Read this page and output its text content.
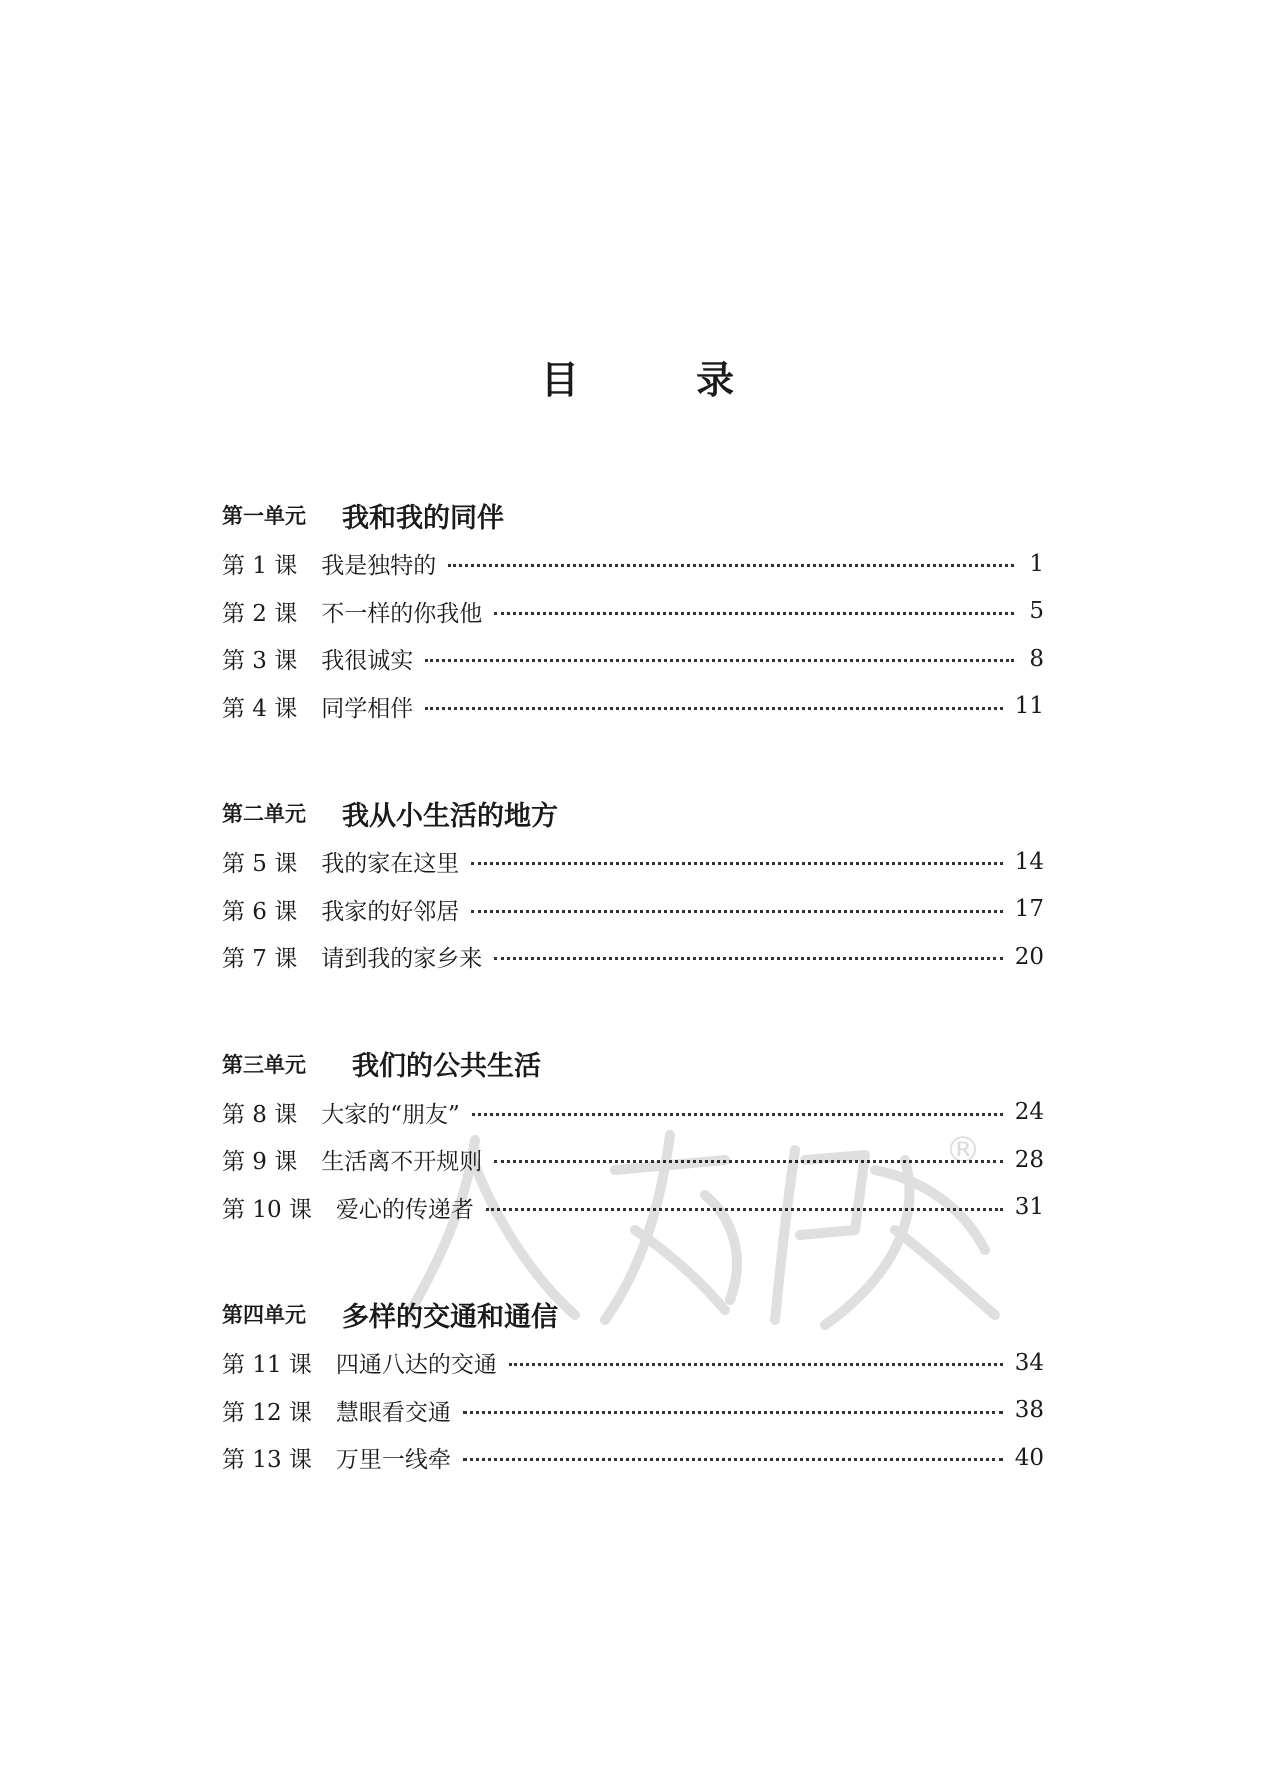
目 录
第一单元	我和我的同伴
第 1 课 我是独特的	1
第 2 课 不一样的你我他	5
第 3 课 我很诚实	8
第 4 课 同学相伴	11
第二单元	我从小生活的地方
第 5 课 我的家在这里	14
第 6 课 我家的好邻居	17
第 7 课 请到我的家乡来	20
第三单元	我们的公共生活
第 8 课 大家的“朋友”	24
第 9 课 生活离不开规则	28
第 10 课 爱心的传递者	31
第四单元	多样的交通和通信
第 11 课 四通八达的交通	34
第 12 课 慧眼看交通	38
第 13 课 万里一线牵	40
®
